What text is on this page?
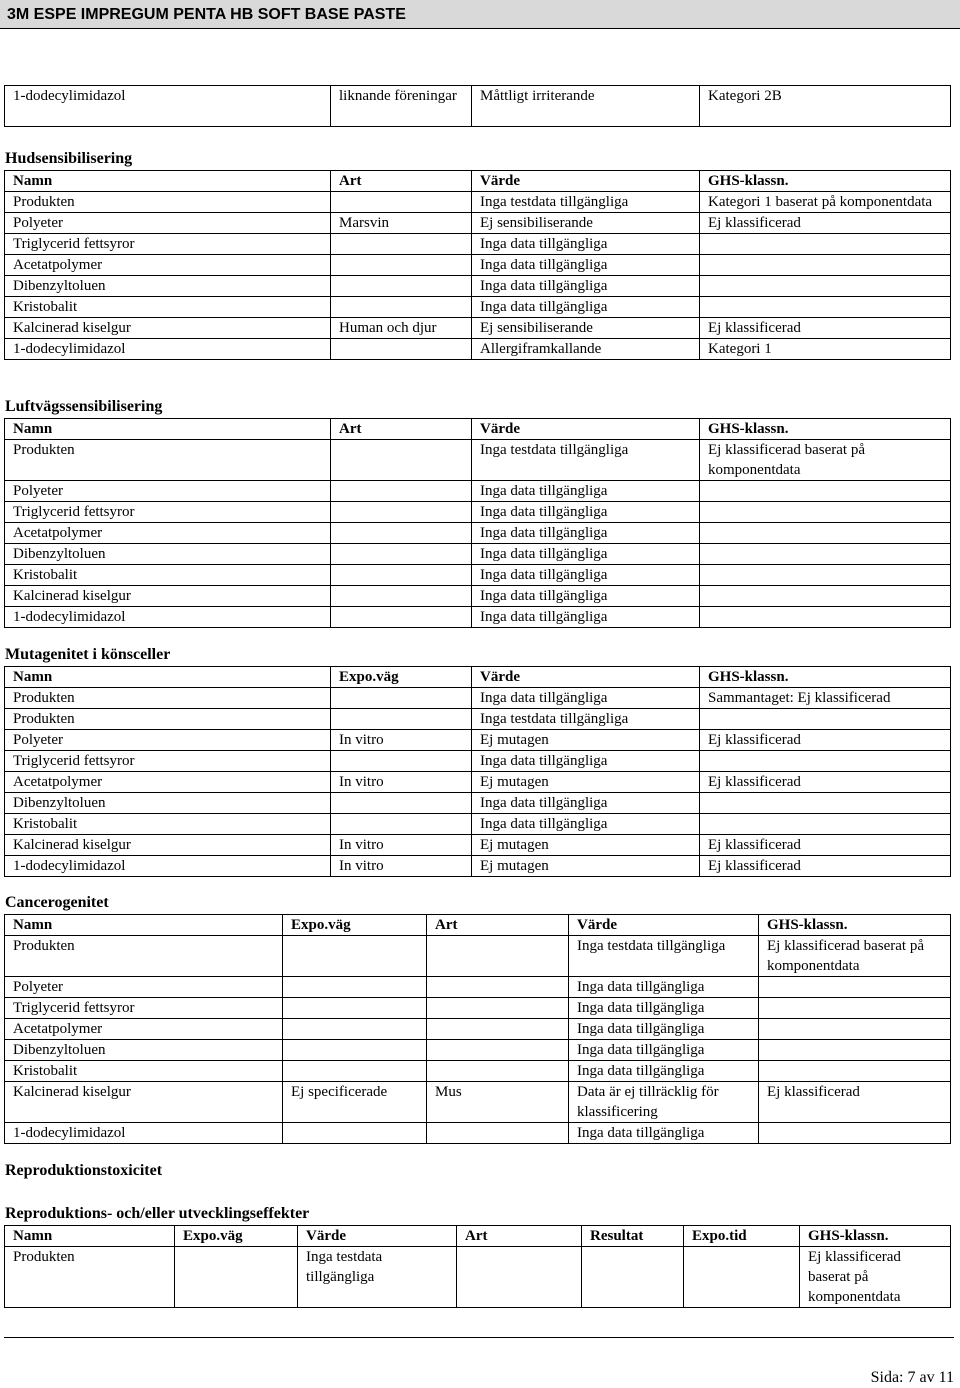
3M ESPE IMPREGUM PENTA HB SOFT BASE PASTE
1-dodecylimidazol	liknande föreningar	Måttligt irriterande	Kategori 2B
Hudsensibilisering
Namn	Art	Värde	GHS-klassn.
Produkten		Inga testdata tillgängliga	Kategori 1 baserat på komponentdata
Polyeter	Marsvin	Ej sensibiliserande	Ej klassificerad
Triglycerid fettsyror		Inga data tillgängliga	
Acetatpolymer		Inga data tillgängliga	
Dibenzyltoluen		Inga data tillgängliga	
Kristobalit		Inga data tillgängliga	
Kalcinerad kiselgur	Human och djur	Ej sensibiliserande	Ej klassificerad
1-dodecylimidazol		Allergiframkallande	Kategori 1
Luftvägssensibilisering
Namn	Art	Värde	GHS-klassn.
Produkten		Inga testdata tillgängliga	Ej klassificerad baserat på komponentdata
Polyeter		Inga data tillgängliga	
Triglycerid fettsyror		Inga data tillgängliga	
Acetatpolymer		Inga data tillgängliga	
Dibenzyltoluen		Inga data tillgängliga	
Kristobalit		Inga data tillgängliga	
Kalcinerad kiselgur		Inga data tillgängliga	
1-dodecylimidazol		Inga data tillgängliga	
Mutagenitet i könsceller
Namn	Expo.väg	Värde	GHS-klassn.
Produkten		Inga data tillgängliga	Sammantaget: Ej klassificerad
Produkten		Inga testdata tillgängliga	
Polyeter	In vitro	Ej mutagen	Ej klassificerad
Triglycerid fettsyror		Inga data tillgängliga	
Acetatpolymer	In vitro	Ej mutagen	Ej klassificerad
Dibenzyltoluen		Inga data tillgängliga	
Kristobalit		Inga data tillgängliga	
Kalcinerad kiselgur	In vitro	Ej mutagen	Ej klassificerad
1-dodecylimidazol	In vitro	Ej mutagen	Ej klassificerad
Cancerogenitet
Namn	Expo.väg	Art	Värde	GHS-klassn.
Produkten			Inga testdata tillgängliga	Ej klassificerad baserat på komponentdata
Polyeter			Inga data tillgängliga	
Triglycerid fettsyror			Inga data tillgängliga	
Acetatpolymer			Inga data tillgängliga	
Dibenzyltoluen			Inga data tillgängliga	
Kristobalit			Inga data tillgängliga	
Kalcinerad kiselgur	Ej specificerade	Mus	Data är ej tillräcklig för klassificering	Ej klassificerad
1-dodecylimidazol			Inga data tillgängliga	
Reproduktionstoxicitet
Reproduktions- och/eller utvecklingseffekter
Namn	Expo.väg	Värde	Art	Resultat	Expo.tid	GHS-klassn.
Produkten		Inga testdata tillgängliga				Ej klassificerad baserat på komponentdata
Sida: 7 av 11
